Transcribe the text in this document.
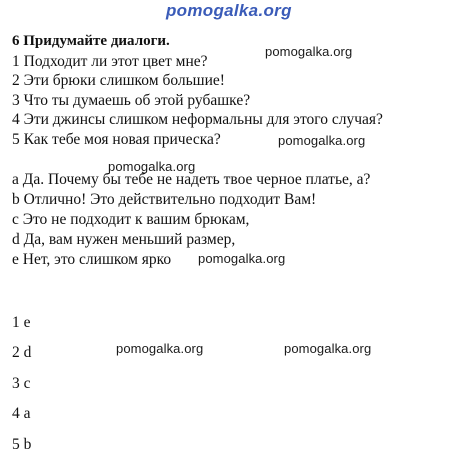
pomogalka.org
6 Придумайте диалоги.
1 Подходит ли этот цвет мне?
2 Эти брюки слишком большие!
3 Что ты думаешь об этой рубашке?
4 Эти джинсы слишком неформальны для этого случая?
5 Как тебе моя новая прическа?
a Да. Почему бы тебе не надеть твое черное платье, а?
b Отлично! Это действительно подходит Вам!
c Это не подходит к вашим брюкам,
d Да, вам нужен меньший размер,
e Нет, это слишком ярко
1 e
2 d
3 c
4 a
5 b
pomogalka.org
pomogalka.org
pomogalka.org
pomogalka.org
pomogalka.org	pomogalka.org
